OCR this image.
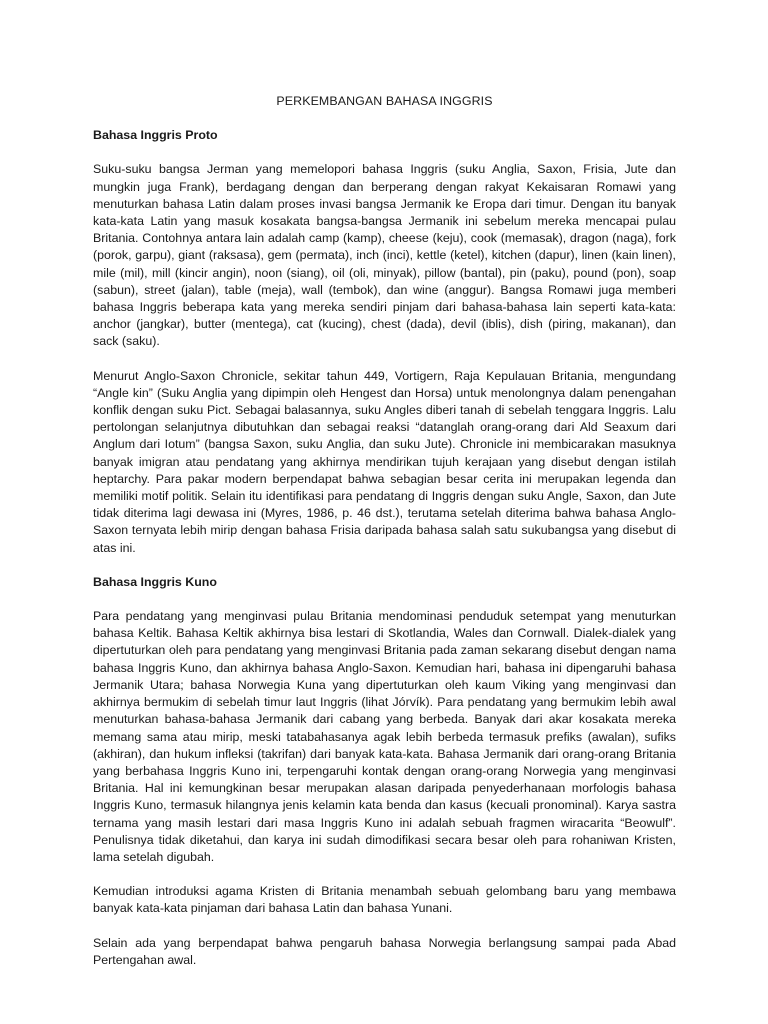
PERKEMBANGAN BAHASA INGGRIS
Bahasa Inggris Proto

Suku-suku bangsa Jerman yang memelopori bahasa Inggris (suku Anglia, Saxon, Frisia, Jute dan mungkin juga Frank), berdagang dengan dan berperang dengan rakyat Kekaisaran Romawi yang menuturkan bahasa Latin dalam proses invasi bangsa Jermanik ke Eropa dari timur. Dengan itu banyak kata-kata Latin yang masuk kosakata bangsa-bangsa Jermanik ini sebelum mereka mencapai pulau Britania. Contohnya antara lain adalah camp (kamp), cheese (keju), cook (memasak), dragon (naga), fork (porok, garpu), giant (raksasa), gem (permata), inch (inci), kettle (ketel), kitchen (dapur), linen (kain linen), mile (mil), mill (kincir angin), noon (siang), oil (oli, minyak), pillow (bantal), pin (paku), pound (pon), soap (sabun), street (jalan), table (meja), wall (tembok), dan wine (anggur). Bangsa Romawi juga memberi bahasa Inggris beberapa kata yang mereka sendiri pinjam dari bahasa-bahasa lain seperti kata-kata: anchor (jangkar), butter (mentega), cat (kucing), chest (dada), devil (iblis), dish (piring, makanan), dan sack (saku).

Menurut Anglo-Saxon Chronicle, sekitar tahun 449, Vortigern, Raja Kepulauan Britania, mengundang “Angle kin” (Suku Anglia yang dipimpin oleh Hengest dan Horsa) untuk menolongnya dalam penengahan konflik dengan suku Pict. Sebagai balasannya, suku Angles diberi tanah di sebelah tenggara Inggris. Lalu pertolongan selanjutnya dibutuhkan dan sebagai reaksi “datanglah orang-orang dari Ald Seaxum dari Anglum dari Iotum” (bangsa Saxon, suku Anglia, dan suku Jute). Chronicle ini membicarakan masuknya banyak imigran atau pendatang yang akhirnya mendirikan tujuh kerajaan yang disebut dengan istilah heptarchy. Para pakar modern berpendapat bahwa sebagian besar cerita ini merupakan legenda dan memiliki motif politik. Selain itu identifikasi para pendatang di Inggris dengan suku Angle, Saxon, dan Jute tidak diterima lagi dewasa ini (Myres, 1986, p. 46 dst.), terutama setelah diterima bahwa bahasa Anglo-Saxon ternyata lebih mirip dengan bahasa Frisia daripada bahasa salah satu sukubangsa yang disebut di atas ini.

Bahasa Inggris Kuno

Para pendatang yang menginvasi pulau Britania mendominasi penduduk setempat yang menuturkan bahasa Keltik. Bahasa Keltik akhirnya bisa lestari di Skotlandia, Wales dan Cornwall. Dialek-dialek yang dipertuturkan oleh para pendatang yang menginvasi Britania pada zaman sekarang disebut dengan nama bahasa Inggris Kuno, dan akhirnya bahasa Anglo-Saxon. Kemudian hari, bahasa ini dipengaruhi bahasa Jermanik Utara; bahasa Norwegia Kuna yang dipertuturkan oleh kaum Viking yang menginvasi dan akhirnya bermukim di sebelah timur laut Inggris (lihat Jórvík). Para pendatang yang bermukim lebih awal menuturkan bahasa-bahasa Jermanik dari cabang yang berbeda. Banyak dari akar kosakata mereka memang sama atau mirip, meski tatabahasanya agak lebih berbeda termasuk prefiks (awalan), sufiks (akhiran), dan hukum infleksi (takrifan) dari banyak kata-kata. Bahasa Jermanik dari orang-orang Britania yang berbahasa Inggris Kuno ini, terpengaruhi kontak dengan orang-orang Norwegia yang menginvasi Britania. Hal ini kemungkinan besar merupakan alasan daripada penyederhanaan morfologis bahasa Inggris Kuno, termasuk hilangnya jenis kelamin kata benda dan kasus (kecuali pronominal). Karya sastra ternama yang masih lestari dari masa Inggris Kuno ini adalah sebuah fragmen wiracarita “Beowulf”. Penulisnya tidak diketahui, dan karya ini sudah dimodifikasi secara besar oleh para rohaniwan Kristen, lama setelah digubah.

Kemudian introduksi agama Kristen di Britania menambah sebuah gelombang baru yang membawa banyak kata-kata pinjaman dari bahasa Latin dan bahasa Yunani.

Selain ada yang berpendapat bahwa pengaruh bahasa Norwegia berlangsung sampai pada Abad Pertengahan awal.
